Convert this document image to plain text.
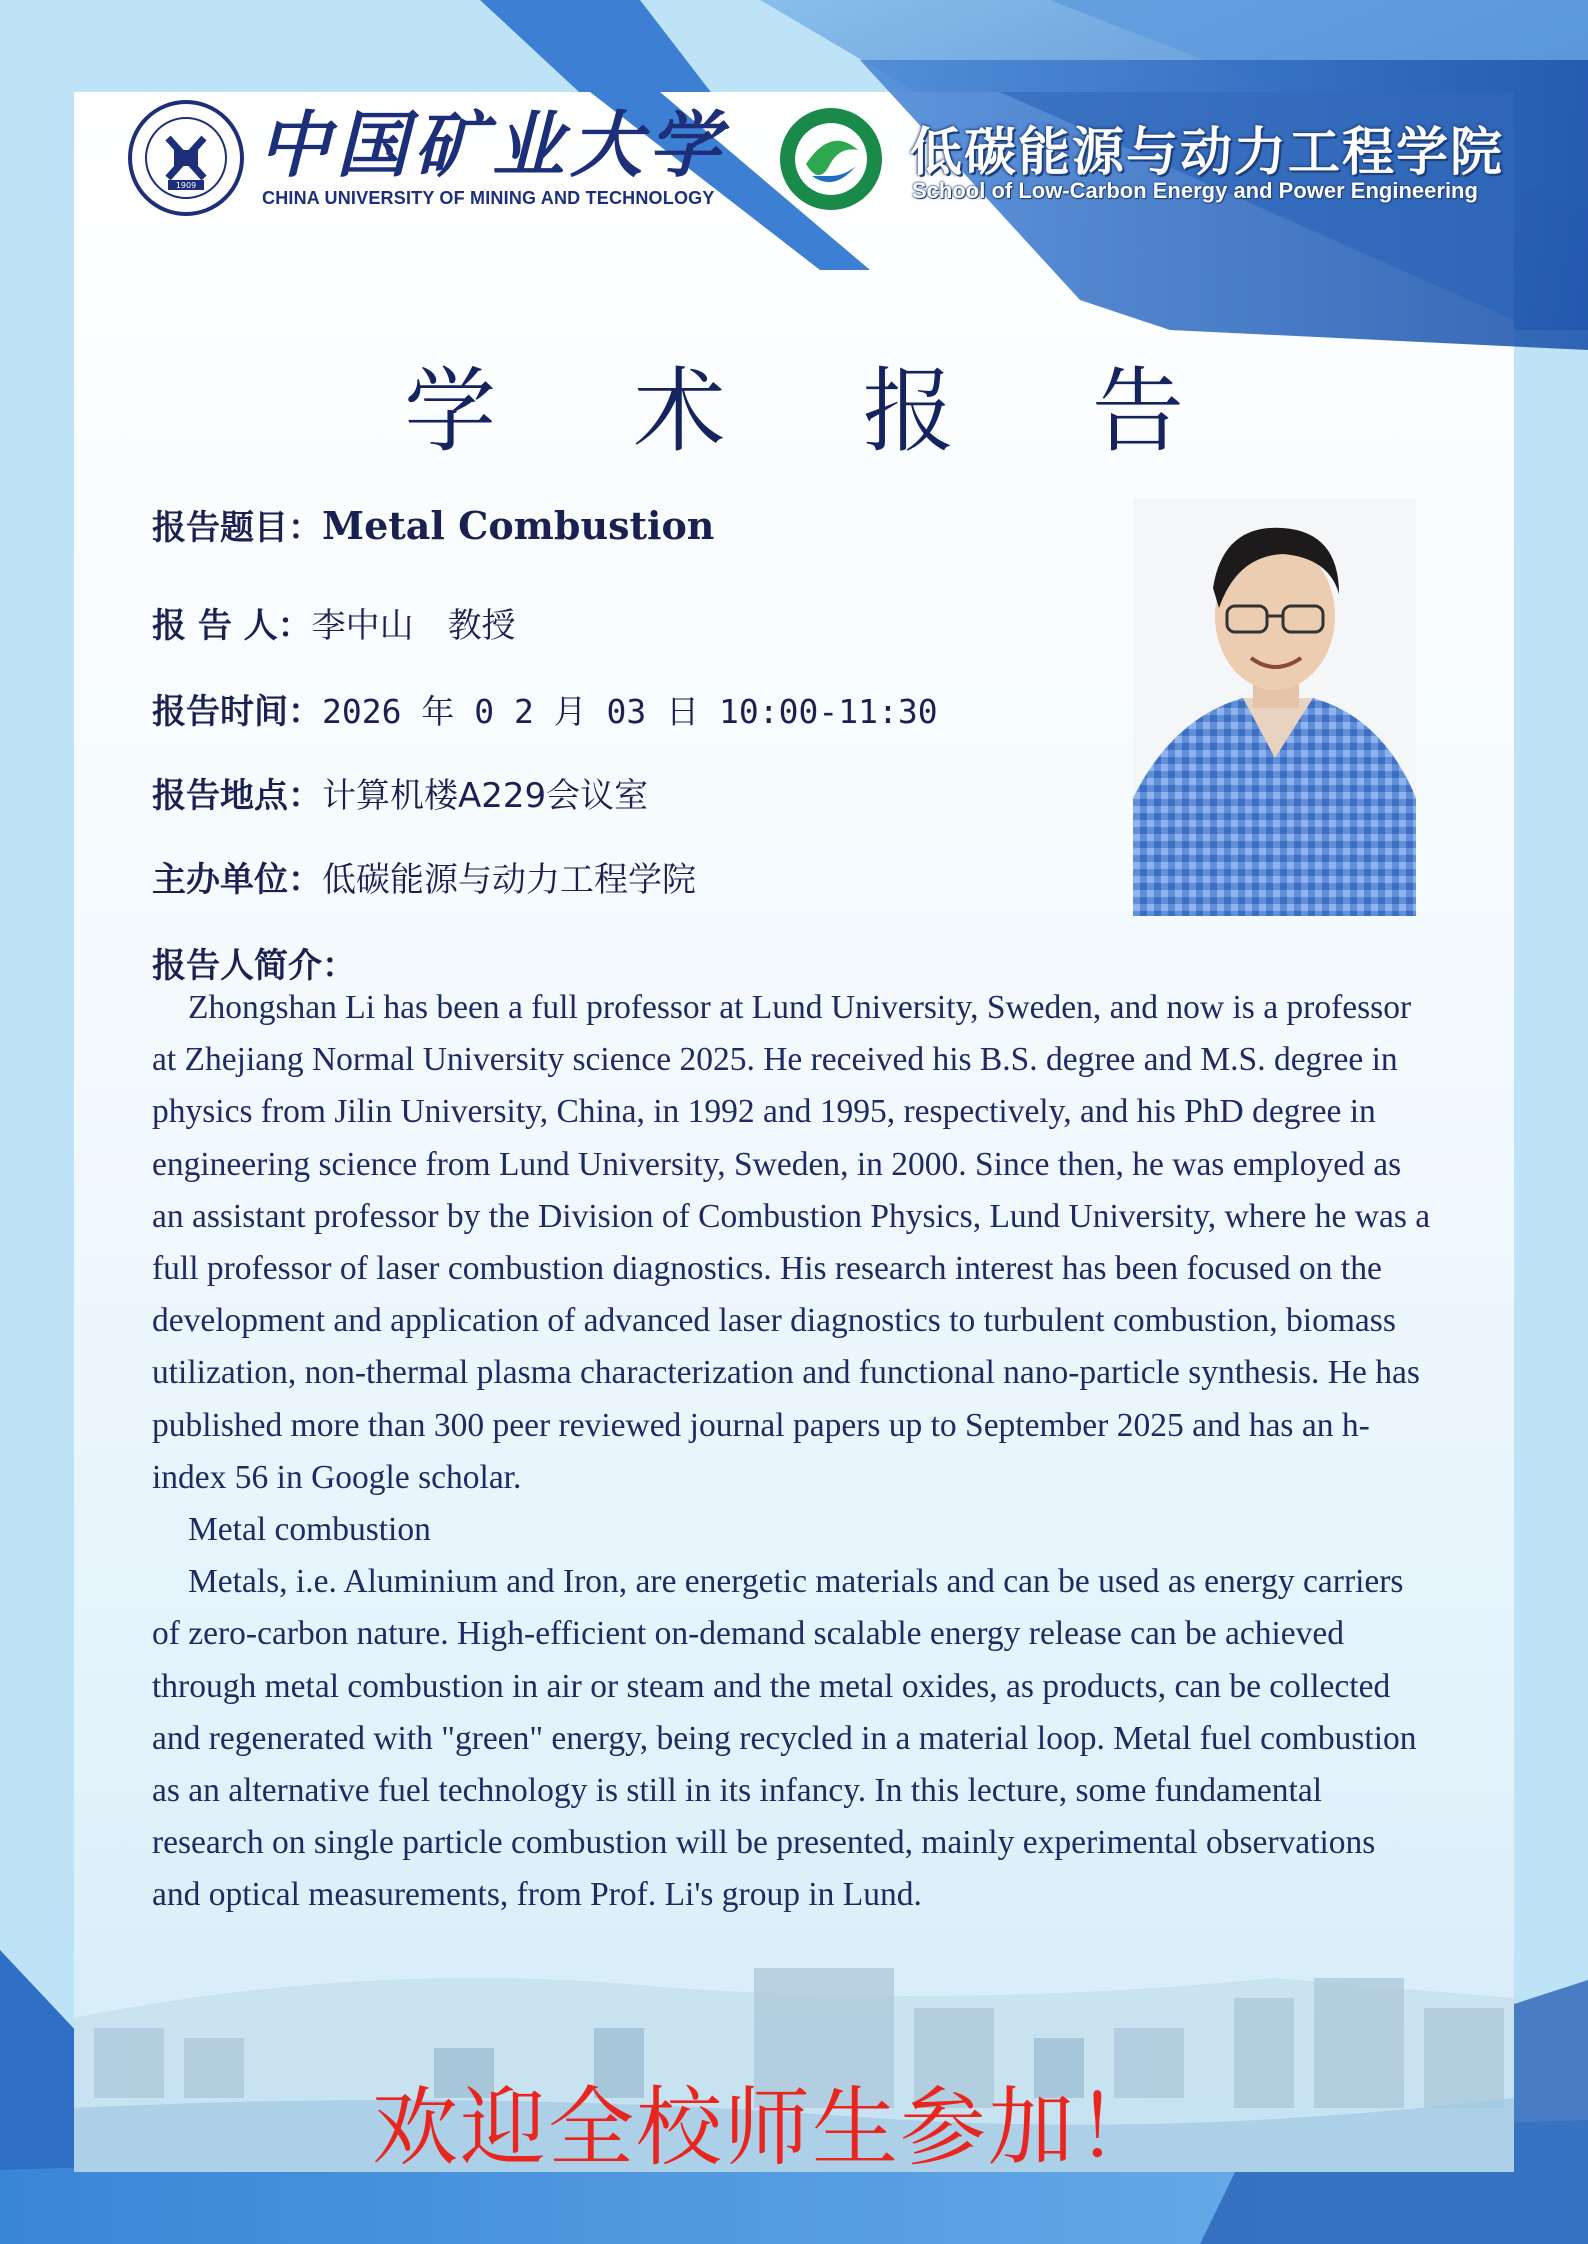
1909 中国矿业大学
CHINA UNIVERSITY OF MINING AND TECHNOLOGY
低碳能源与动力工程学院
School of Low-Carbon Energy and Power Engineering
学 术 报 告
报告题目：Metal Combustion
报 告 人：李中山　教授
报告时间：2026 年 0 2 月 03 日 10:00-11:30
报告地点：计算机楼A229会议室
主办单位：低碳能源与动力工程学院
报告人简介：

Zhongshan Li has been a full professor at Lund University, Sweden, and now is a professor at Zhejiang Normal University science 2025. He received his B.S. degree and M.S. degree in physics from Jilin University, China, in 1992 and 1995, respectively, and his PhD degree in engineering science from Lund University, Sweden, in 2000. Since then, he was employed as an assistant professor by the Division of Combustion Physics, Lund University, where he was a full professor of laser combustion diagnostics. His research interest has been focused on the development and application of advanced laser diagnostics to turbulent combustion, biomass utilization, non-thermal plasma characterization and functional nano-particle synthesis. He has published more than 300 peer reviewed journal papers up to September 2025 and has an h-index 56 in Google scholar.

Metal combustion

Metals, i.e. Aluminium and Iron, are energetic materials and can be used as energy carriers of zero-carbon nature. High-efficient on-demand scalable energy release can be achieved through metal combustion in air or steam and the metal oxides, as products, can be collected and regenerated with "green" energy, being recycled in a material loop. Metal fuel combustion as an alternative fuel technology is still in its infancy. In this lecture, some fundamental research on single particle combustion will be presented, mainly experimental observations and optical measurements, from Prof. Li's group in Lund.

欢迎全校师生参加！
